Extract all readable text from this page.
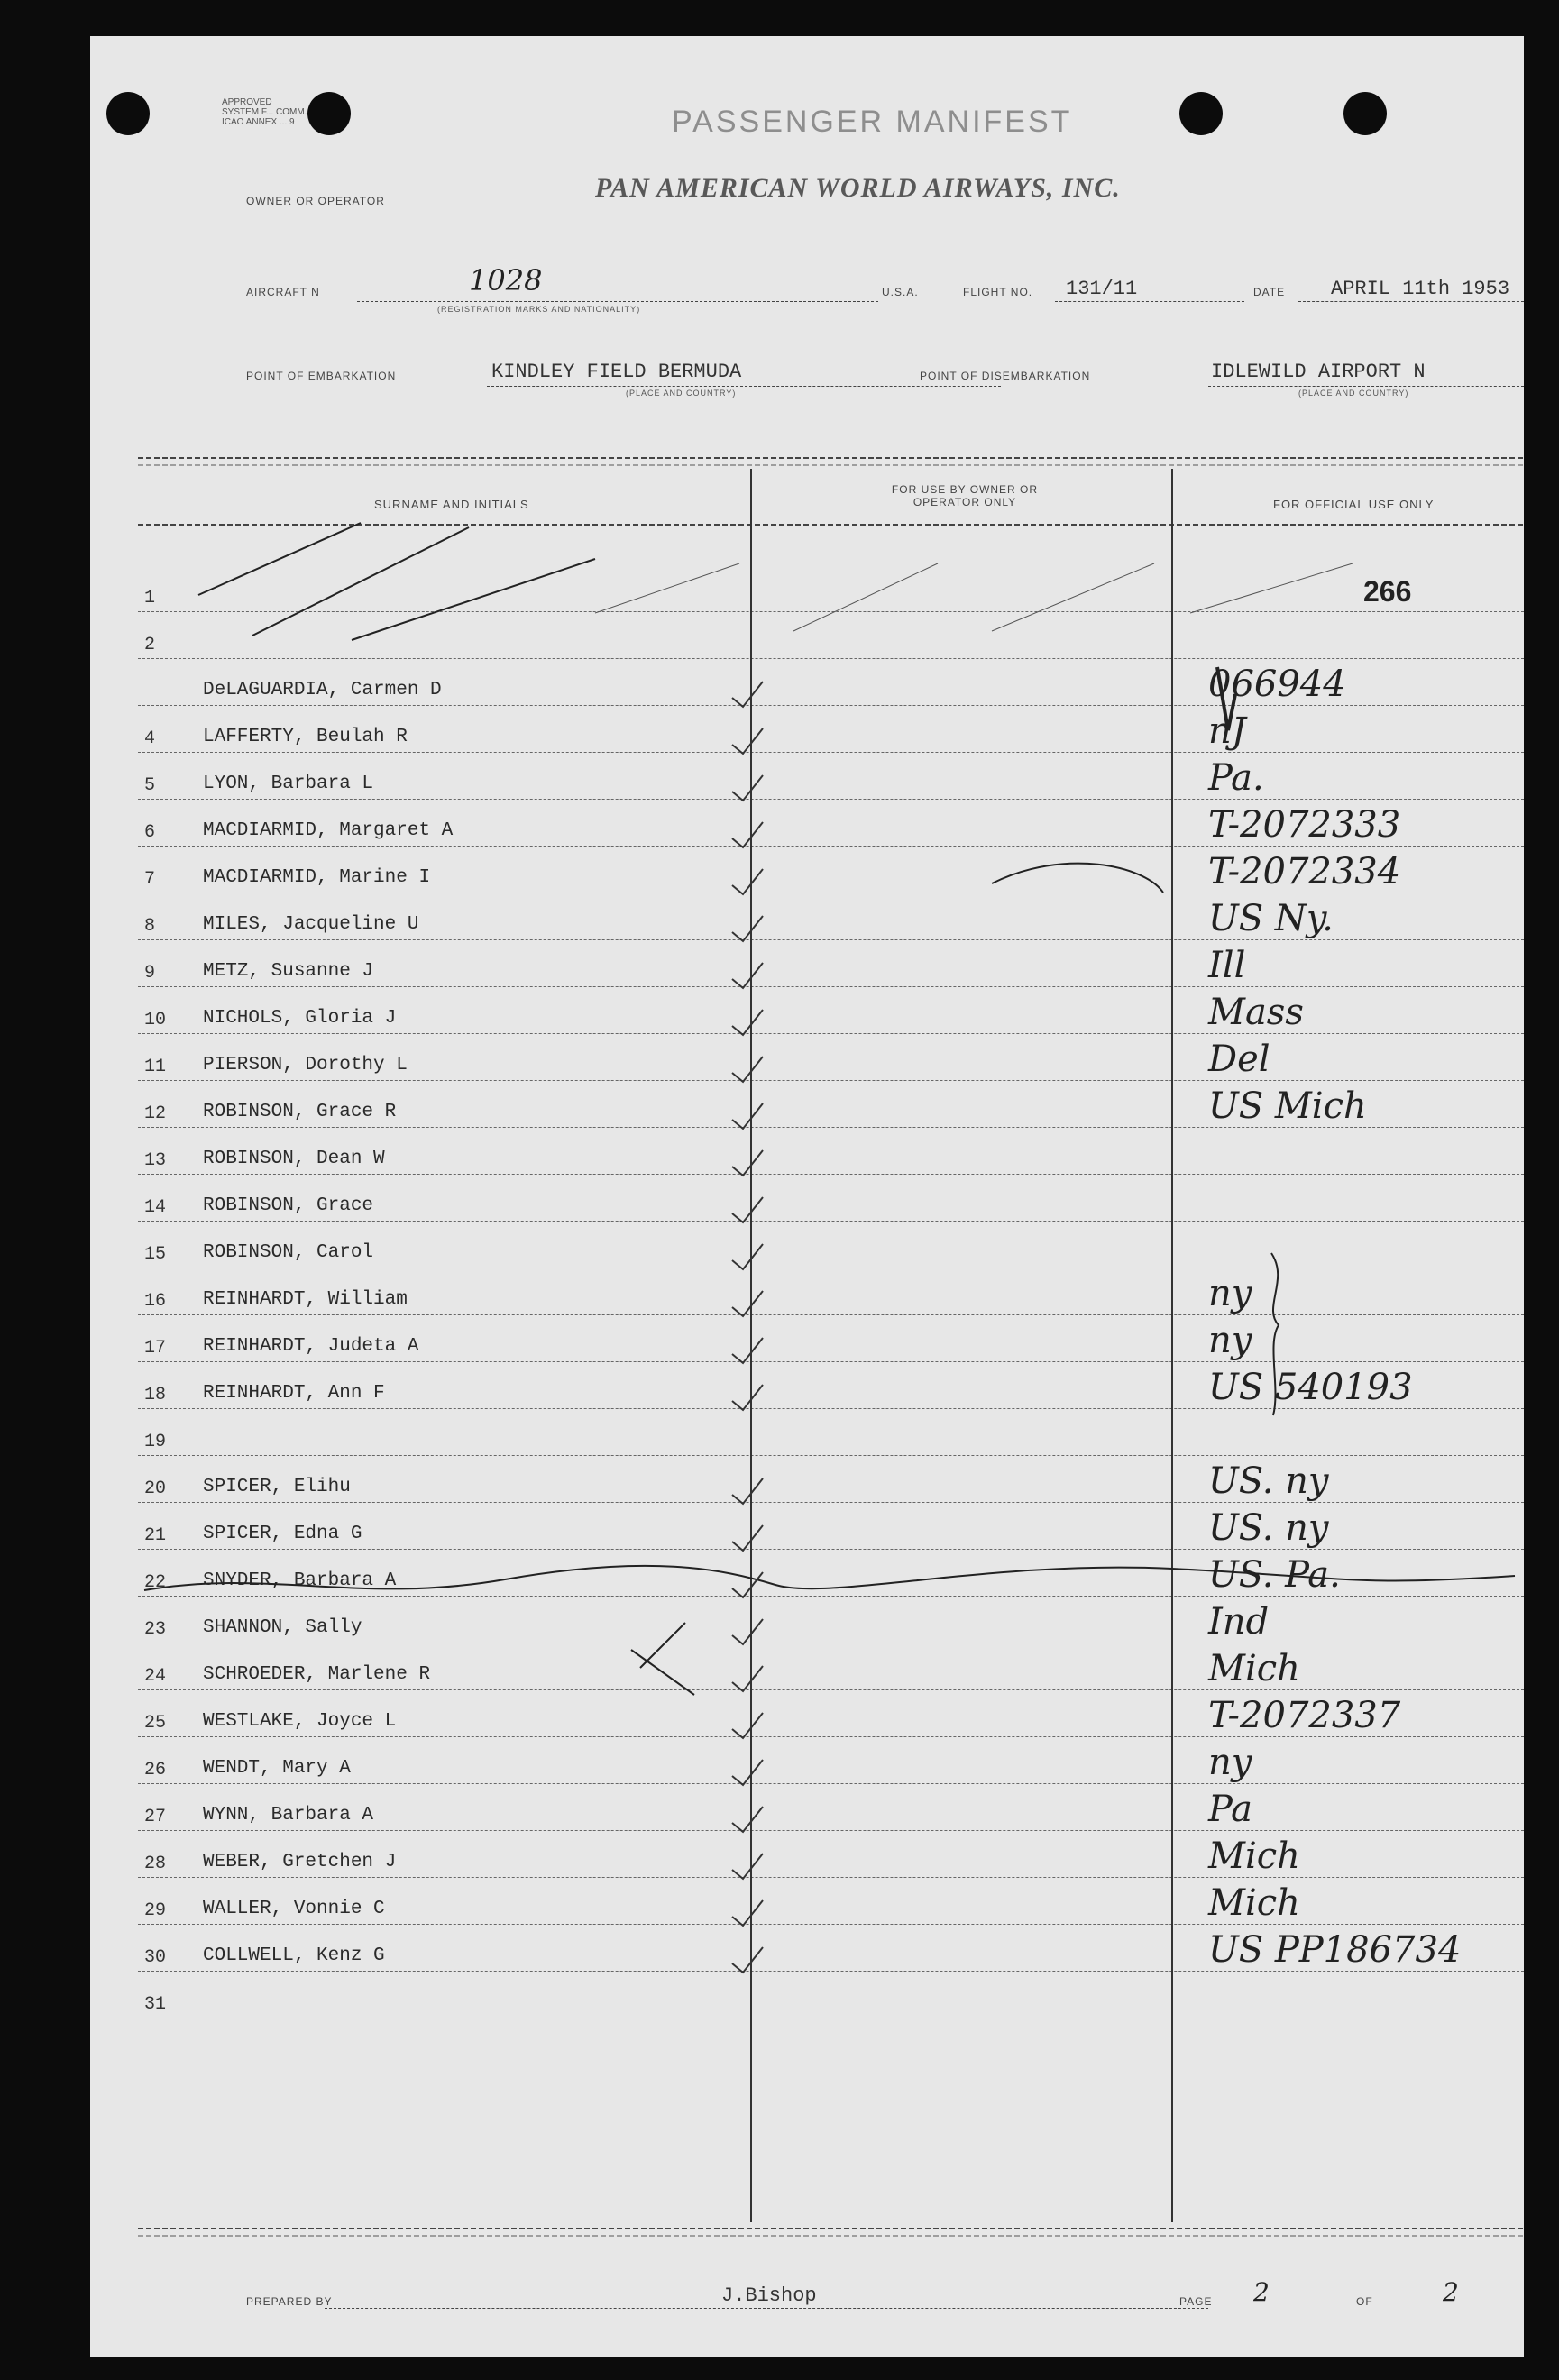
APPROVED
SYSTEM F... COMM.
ICAO ANNEX ... 9	PASSENGER MANIFEST
OWNER OR OPERATOR	PAN AMERICAN WORLD AIRWAYS, INC.
AIRCRAFT N	1028
(REGISTRATION MARKS AND NATIONALITY)
U.S.A.	FLIGHT NO. 131/11	DATE APRIL 11th 1953
POINT OF EMBARKATION	KINDLEY FIELD BERMUDA
(PLACE AND COUNTRY)
POINT OF DISEMBARKATION	IDLEWILD AIRPORT N
(PLACE AND COUNTRY)
SURNAME AND INITIALS
FOR USE BY OWNER OR OPERATOR ONLY	FOR OFFICIAL USE ONLY
266
1
2
DeLAGUARDIA, Carmen D	066944
4	LAFFERTY, Beulah R	nJ
5	LYON, Barbara L	Pa.
6	MACDIARMID, Margaret A	T-2072333
7	MACDIARMID, Marine I	T-2072334
8	MILES, Jacqueline U	US Ny.
9	METZ, Susanne J	Ill
10 NICHOLS, Gloria J	Mass
11 PIERSON, Dorothy L	Del
12 ROBINSON, Grace R	US Mich
13 ROBINSON, Dean W
14 ROBINSON, Grace
15 ROBINSON, Carol
16 REINHARDT, William	ny
17 REINHARDT, Judeta A	ny
18 REINHARDT, Ann F	US 540193
19
20 SPICER, Elihu	US. ny
21 SPICER, Edna G	US. ny
22 SNYDER, Barbara A	US. Pa.
23 SHANNON, Sally	Ind
24 SCHROEDER, Marlene R	Mich
25 WESTLAKE, Joyce L	T-2072337
26 WENDT, Mary A	ny
27 WYNN, Barbara A	Pa
28 WEBER, Gretchen J	Mich
29 WALLER, Vonnie C	Mich
30 COLLWELL, Kenz G	US PP186734
31
PREPARED BY	J.Bishop	PAGE 2	OF	2
